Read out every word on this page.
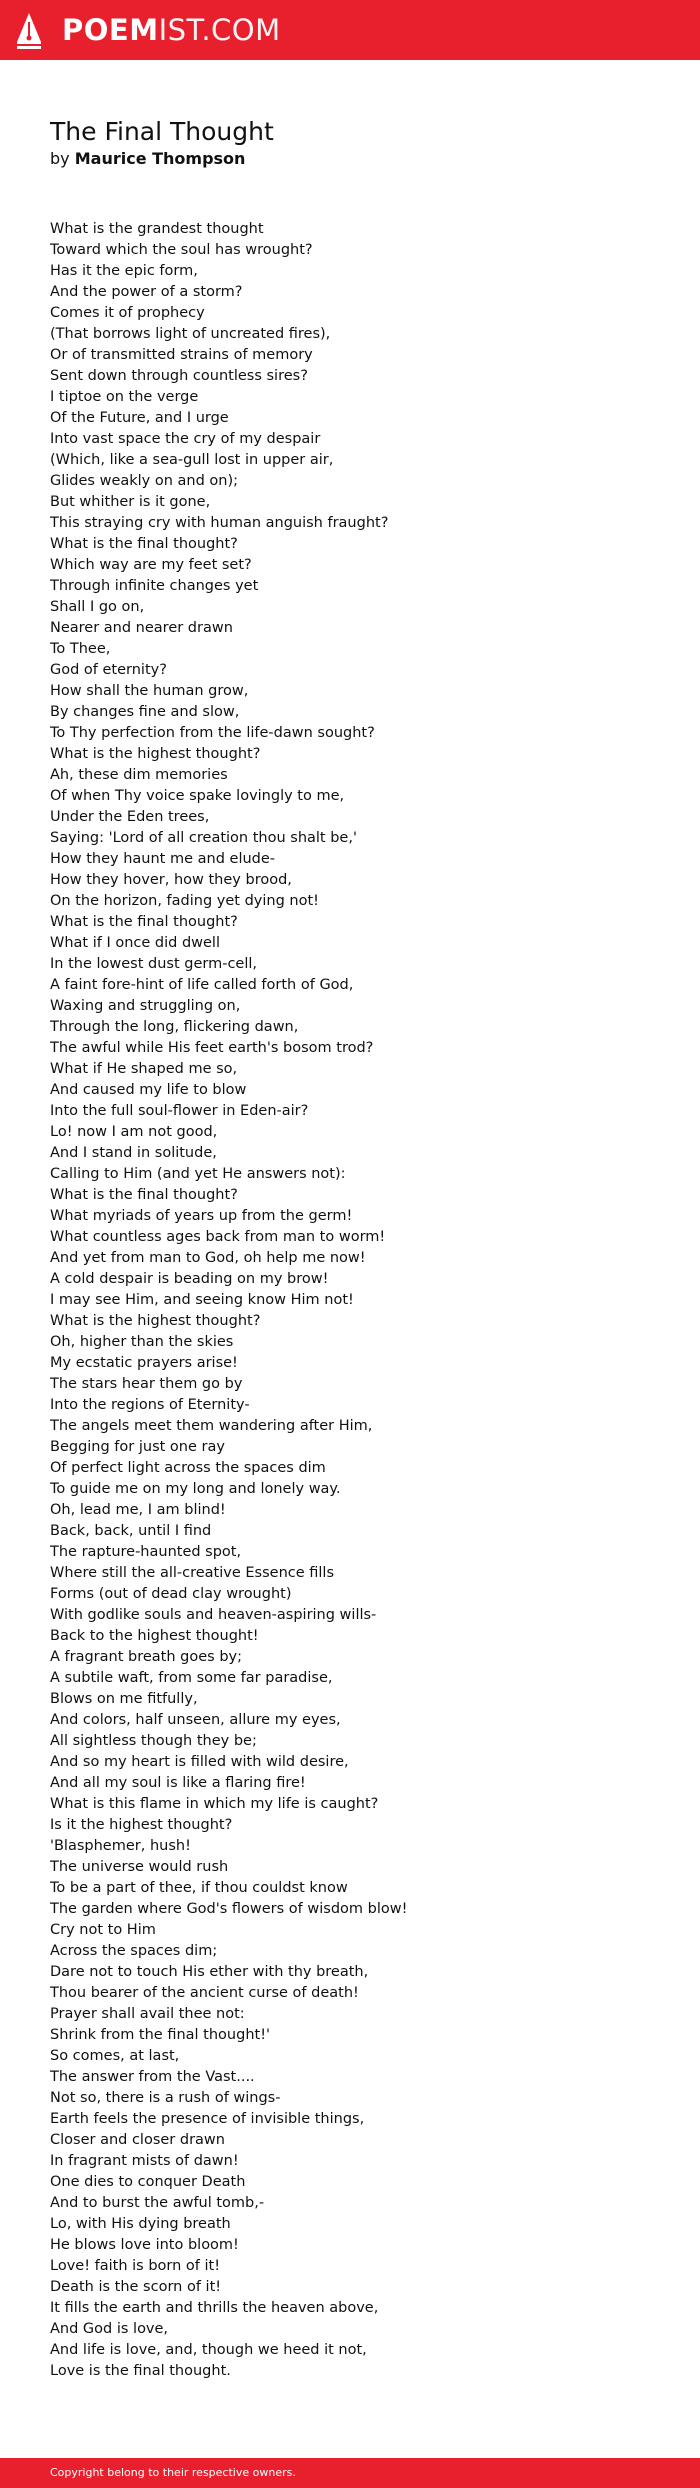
POEMIST.COM
The Final Thought
by Maurice Thompson
What is the grandest thought
Toward which the soul has wrought?
Has it the epic form,
And the power of a storm?
Comes it of prophecy
(That borrows light of uncreated fires),
Or of transmitted strains of memory
Sent down through countless sires?
I tiptoe on the verge
Of the Future, and I urge
Into vast space the cry of my despair
(Which, like a sea-gull lost in upper air,
Glides weakly on and on);
But whither is it gone,
This straying cry with human anguish fraught?
What is the final thought?
Which way are my feet set?
Through infinite changes yet
Shall I go on,
Nearer and nearer drawn
To Thee,
God of eternity?
How shall the human grow,
By changes fine and slow,
To Thy perfection from the life-dawn sought?
What is the highest thought?
Ah, these dim memories
Of when Thy voice spake lovingly to me,
Under the Eden trees,
Saying: 'Lord of all creation thou shalt be,'
How they haunt me and elude-
How they hover, how they brood,
On the horizon, fading yet dying not!
What is the final thought?
What if I once did dwell
In the lowest dust germ-cell,
A faint fore-hint of life called forth of God,
Waxing and struggling on,
Through the long, flickering dawn,
The awful while His feet earth's bosom trod?
What if He shaped me so,
And caused my life to blow
Into the full soul-flower in Eden-air?
Lo! now I am not good,
And I stand in solitude,
Calling to Him (and yet He answers not):
What is the final thought?
What myriads of years up from the germ!
What countless ages back from man to worm!
And yet from man to God, oh help me now!
A cold despair is beading on my brow!
I may see Him, and seeing know Him not!
What is the highest thought?
Oh, higher than the skies
My ecstatic prayers arise!
The stars hear them go by
Into the regions of Eternity-
The angels meet them wandering after Him,
Begging for just one ray
Of perfect light across the spaces dim
To guide me on my long and lonely way.
Oh, lead me, I am blind!
Back, back, until I find
The rapture-haunted spot,
Where still the all-creative Essence fills
Forms (out of dead clay wrought)
With godlike souls and heaven-aspiring wills-
Back to the highest thought!
A fragrant breath goes by;
A subtile waft, from some far paradise,
Blows on me fitfully,
And colors, half unseen, allure my eyes,
All sightless though they be;
And so my heart is filled with wild desire,
And all my soul is like a flaring fire!
What is this flame in which my life is caught?
Is it the highest thought?
'Blasphemer, hush!
The universe would rush
To be a part of thee, if thou couldst know
The garden where God's flowers of wisdom blow!
Cry not to Him
Across the spaces dim;
Dare not to touch His ether with thy breath,
Thou bearer of the ancient curse of death!
Prayer shall avail thee not:
Shrink from the final thought!'
So comes, at last,
The answer from the Vast....
Not so, there is a rush of wings-
Earth feels the presence of invisible things,
Closer and closer drawn
In fragrant mists of dawn!
One dies to conquer Death
And to burst the awful tomb,-
Lo, with His dying breath
He blows love into bloom!
Love! faith is born of it!
Death is the scorn of it!
It fills the earth and thrills the heaven above,
And God is love,
And life is love, and, though we heed it not,
Love is the final thought.
Copyright belong to their respective owners.
